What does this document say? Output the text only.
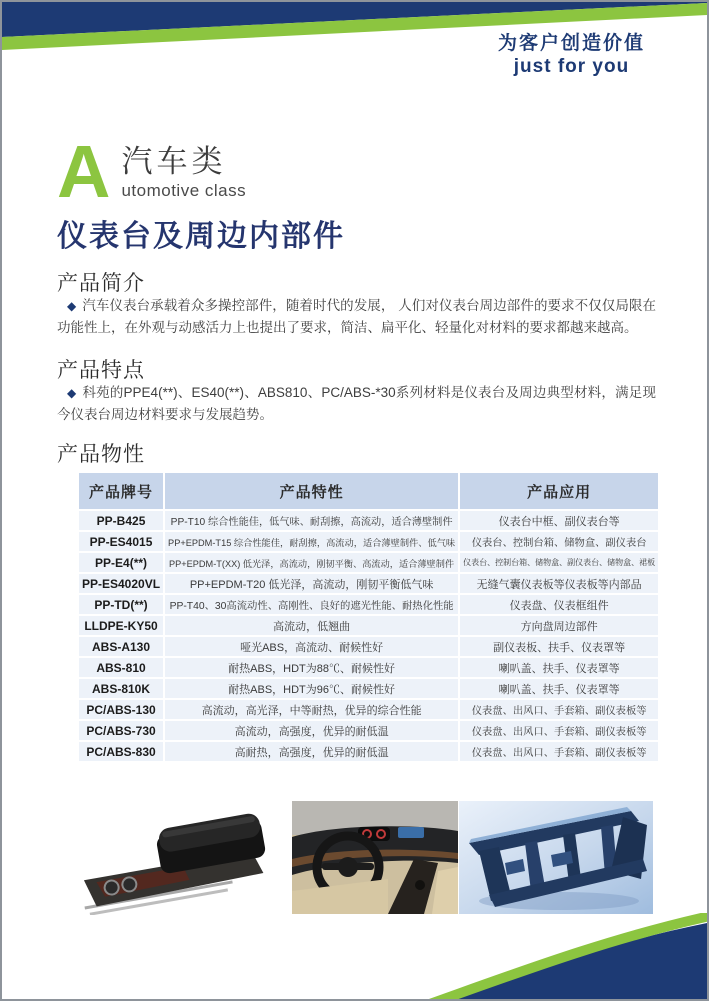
为客户创造价值
just for you
A 汽车类
utomotive class
仪表台及周边内部件
产品简介
◆ 汽车仪表台承载着众多操控部件，随着时代的发展， 人们对仪表台周边部件的要求不仅仅局限在功能性上，在外观与动感活力上也提出了要求，简洁、扁平化、轻量化对材料的要求都越来越高。
产品特点
◆ 科苑的PPE4(**)、ES40(**)、ABS810、PC/ABS-*30系列材料是仪表台及周边典型材料，满足现今仪表台周边材料要求与发展趋势。
产品物性
产品牌号	产品特性	产品应用
PP-B425	PP-T10 综合性能佳，低气味、耐刮擦，高流动，适合薄壁制件	仪表台中框、副仪表台等
PP-ES4015	PP+EPDM-T15 综合性能佳，耐刮擦，高流动，适合薄壁制件、低气味	仪表台、控制台箱、储物盒、副仪表台
PP-E4(**)	PP+EPDM-T(XX) 低光泽，高流动，刚韧平衡、高流动，适合薄壁制件	仪表台、控制台箱、储物盒、副仪表台、储物盒、裙板
PP-ES4020VL	PP+EPDM-T20 低光泽，高流动，刚韧平衡低气味	无缝气囊仪表板等仪表板等内部品
PP-TD(**)	PP-T40、30高流动性、高刚性、良好的遮光性能、耐热化性能	仪表盘、仪表框组件
LLDPE-KY50	高流动，低翘曲	方向盘周边部件
ABS-A130	哑光ABS，高流动、耐候性好	副仪表板、扶手、仪表罩等
ABS-810	耐热ABS，HDT为88℃、耐候性好	喇叭盖、扶手、仪表罩等
ABS-810K	耐热ABS，HDT为96℃、耐候性好	喇叭盖、扶手、仪表罩等
PC/ABS-130	高流动，高光泽，中等耐热，优异的综合性能	仪表盘、出风口、手套箱、副仪表板等
PC/ABS-730	高流动，高强度，优异的耐低温	仪表盘、出风口、手套箱、副仪表板等
PC/ABS-830	高耐热，高强度，优异的耐低温	仪表盘、出风口、手套箱、副仪表板等
